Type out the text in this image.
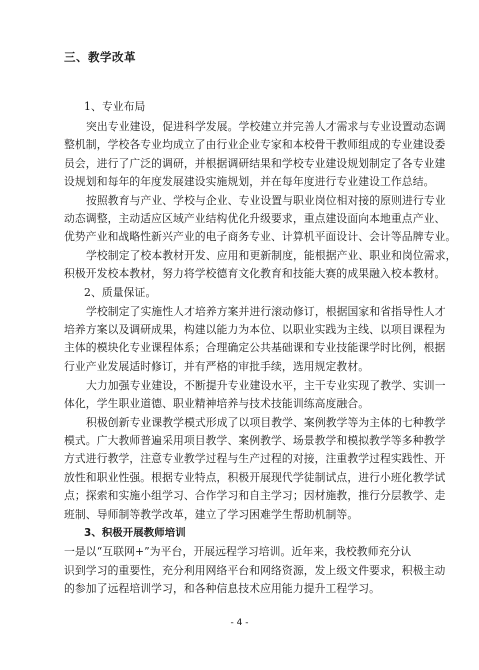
三、教学改革
1、专业布局
突出专业建设，促进科学发展。学校建立并完善人才需求与专业设置动态调
整机制，学校各专业均成立了由行业企业专家和本校骨干教师组成的专业建设委
员会，进行了广泛的调研，并根据调研结果和学校专业建设规划制定了各专业建
设规划和每年的年度发展建设实施规划，并在每年度进行专业建设工作总结。
按照教育与产业、学校与企业、专业设置与职业岗位相对接的原则进行专业
动态调整，主动适应区域产业结构优化升级要求，重点建设面向本地重点产业、
优势产业和战略性新兴产业的电子商务专业、计算机平面设计、会计等品牌专业。
学校制定了校本教材开发、应用和更新制度，能根据产业、职业和岗位需求，
积极开发校本教材，努力将学校德育文化教育和技能大赛的成果融入校本教材。
2、质量保证。
学校制定了实施性人才培养方案并进行滚动修订，根据国家和省指导性人才
培养方案以及调研成果，构建以能力为本位、以职业实践为主线、以项目课程为
主体的模块化专业课程体系；合理确定公共基础课和专业技能课学时比例，根据
行业产业发展适时修订，并有严格的审批手续，选用规定教材。
大力加强专业建设，不断提升专业建设水平，主干专业实现了教学、实训一
体化，学生职业道德、职业精神培养与技术技能训练高度融合。
积极创新专业课教学模式形成了以项目教学、案例教学等为主体的七种教学
模式。广大教师普遍采用项目教学、案例教学、场景教学和模拟教学等多种教学
方式进行教学，注意专业教学过程与生产过程的对接，注重教学过程实践性、开
放性和职业性强。根据专业特点，积极开展现代学徒制试点，进行小班化教学试
点；探索和实施小组学习、合作学习和自主学习；因材施教，推行分层教学、走
班制、导师制等教学改革，建立了学习困难学生帮助机制等。
3、积极开展教师培训
一是以“互联网+”为平台，开展远程学习培训。近年来，我校教师充分认
识到学习的重要性，充分利用网络平台和网络资源，发上级文件要求，积极主动
的参加了远程培训学习，和各种信息技术应用能力提升工程学习。
- 4 -
